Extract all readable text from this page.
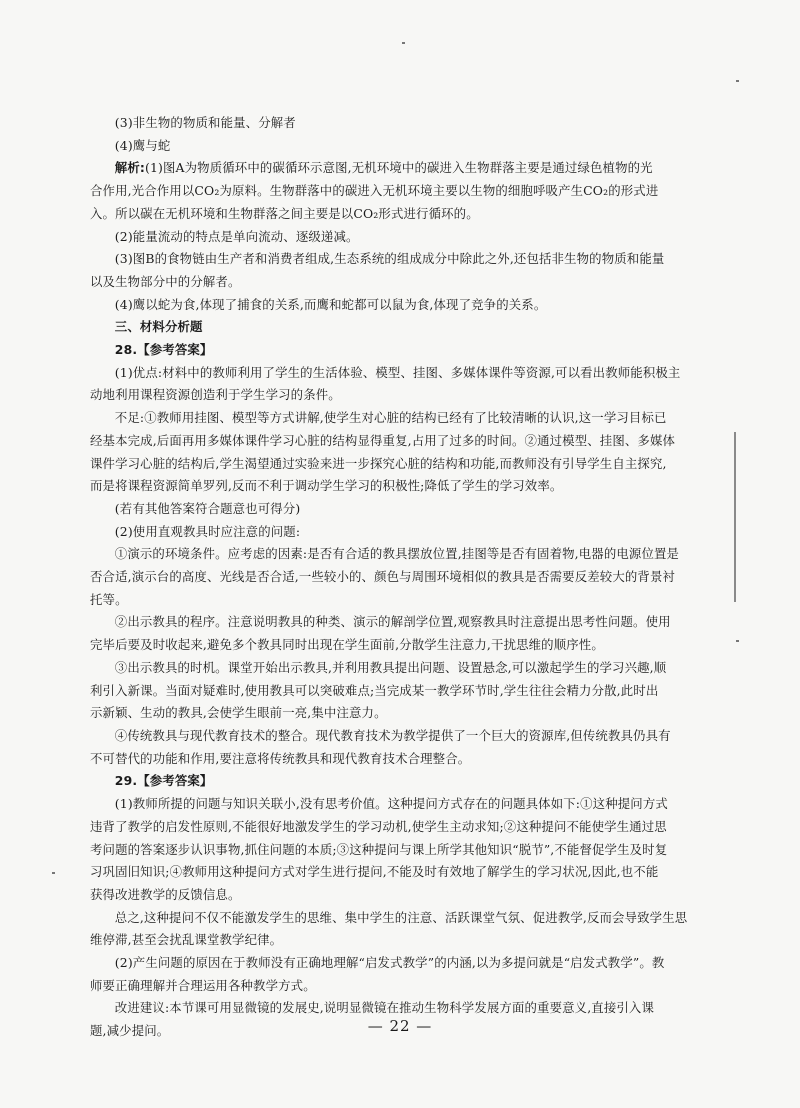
(3)非生物的物质和能量、分解者

(4)鹰与蛇

解析:(1)图A为物质循环中的碳循环示意图,无机环境中的碳进入生物群落主要是通过绿色植物的光

合作用,光合作用以CO₂为原料。生物群落中的碳进入无机环境主要以生物的细胞呼吸产生CO₂的形式进

入。所以碳在无机环境和生物群落之间主要是以CO₂形式进行循环的。

(2)能量流动的特点是单向流动、逐级递减。

(3)图B的食物链由生产者和消费者组成,生态系统的组成成分中除此之外,还包括非生物的物质和能量

以及生物部分中的分解者。

(4)鹰以蛇为食,体现了捕食的关系,而鹰和蛇都可以鼠为食,体现了竞争的关系。

三、材料分析题

28.【参考答案】

(1)优点:材料中的教师利用了学生的生活体验、模型、挂图、多媒体课件等资源,可以看出教师能积极主

动地利用课程资源创造利于学生学习的条件。

不足:①教师用挂图、模型等方式讲解,使学生对心脏的结构已经有了比较清晰的认识,这一学习目标已

经基本完成,后面再用多媒体课件学习心脏的结构显得重复,占用了过多的时间。②通过模型、挂图、多媒体

课件学习心脏的结构后,学生渴望通过实验来进一步探究心脏的结构和功能,而教师没有引导学生自主探究,

而是将课程资源简单罗列,反而不利于调动学生学习的积极性;降低了学生的学习效率。

(若有其他答案符合题意也可得分)

(2)使用直观教具时应注意的问题:

①演示的环境条件。应考虑的因素:是否有合适的教具摆放位置,挂图等是否有固着物,电器的电源位置是

否合适,演示台的高度、光线是否合适,一些较小的、颜色与周围环境相似的教具是否需要反差较大的背景衬

托等。

②出示教具的程序。注意说明教具的种类、演示的解剖学位置,观察教具时注意提出思考性问题。使用

完毕后要及时收起来,避免多个教具同时出现在学生面前,分散学生注意力,干扰思维的顺序性。

③出示教具的时机。课堂开始出示教具,并利用教具提出问题、设置悬念,可以激起学生的学习兴趣,顺

利引入新课。当面对疑难时,使用教具可以突破难点;当完成某一教学环节时,学生往往会精力分散,此时出

示新颖、生动的教具,会使学生眼前一亮,集中注意力。

④传统教具与现代教育技术的整合。现代教育技术为教学提供了一个巨大的资源库,但传统教具仍具有

不可替代的功能和作用,要注意将传统教具和现代教育技术合理整合。

29.【参考答案】

(1)教师所提的问题与知识关联小,没有思考价值。这种提问方式存在的问题具体如下:①这种提问方式

违背了教学的启发性原则,不能很好地激发学生的学习动机,使学生主动求知;②这种提问不能使学生通过思

考问题的答案逐步认识事物,抓住问题的本质;③这种提问与课上所学其他知识“脱节”,不能督促学生及时复

习巩固旧知识;④教师用这种提问方式对学生进行提问,不能及时有效地了解学生的学习状况,因此,也不能

获得改进教学的反馈信息。

总之,这种提问不仅不能激发学生的思维、集中学生的注意、活跃课堂气氛、促进教学,反而会导致学生思

维停滞,甚至会扰乱课堂教学纪律。

(2)产生问题的原因在于教师没有正确地理解“启发式教学”的内涵,以为多提问就是“启发式教学”。教

师要正确理解并合理运用各种教学方式。

改进建议:本节课可用显微镜的发展史,说明显微镜在推动生物科学发展方面的重要意义,直接引入课

题,减少提问。	— 22 —
